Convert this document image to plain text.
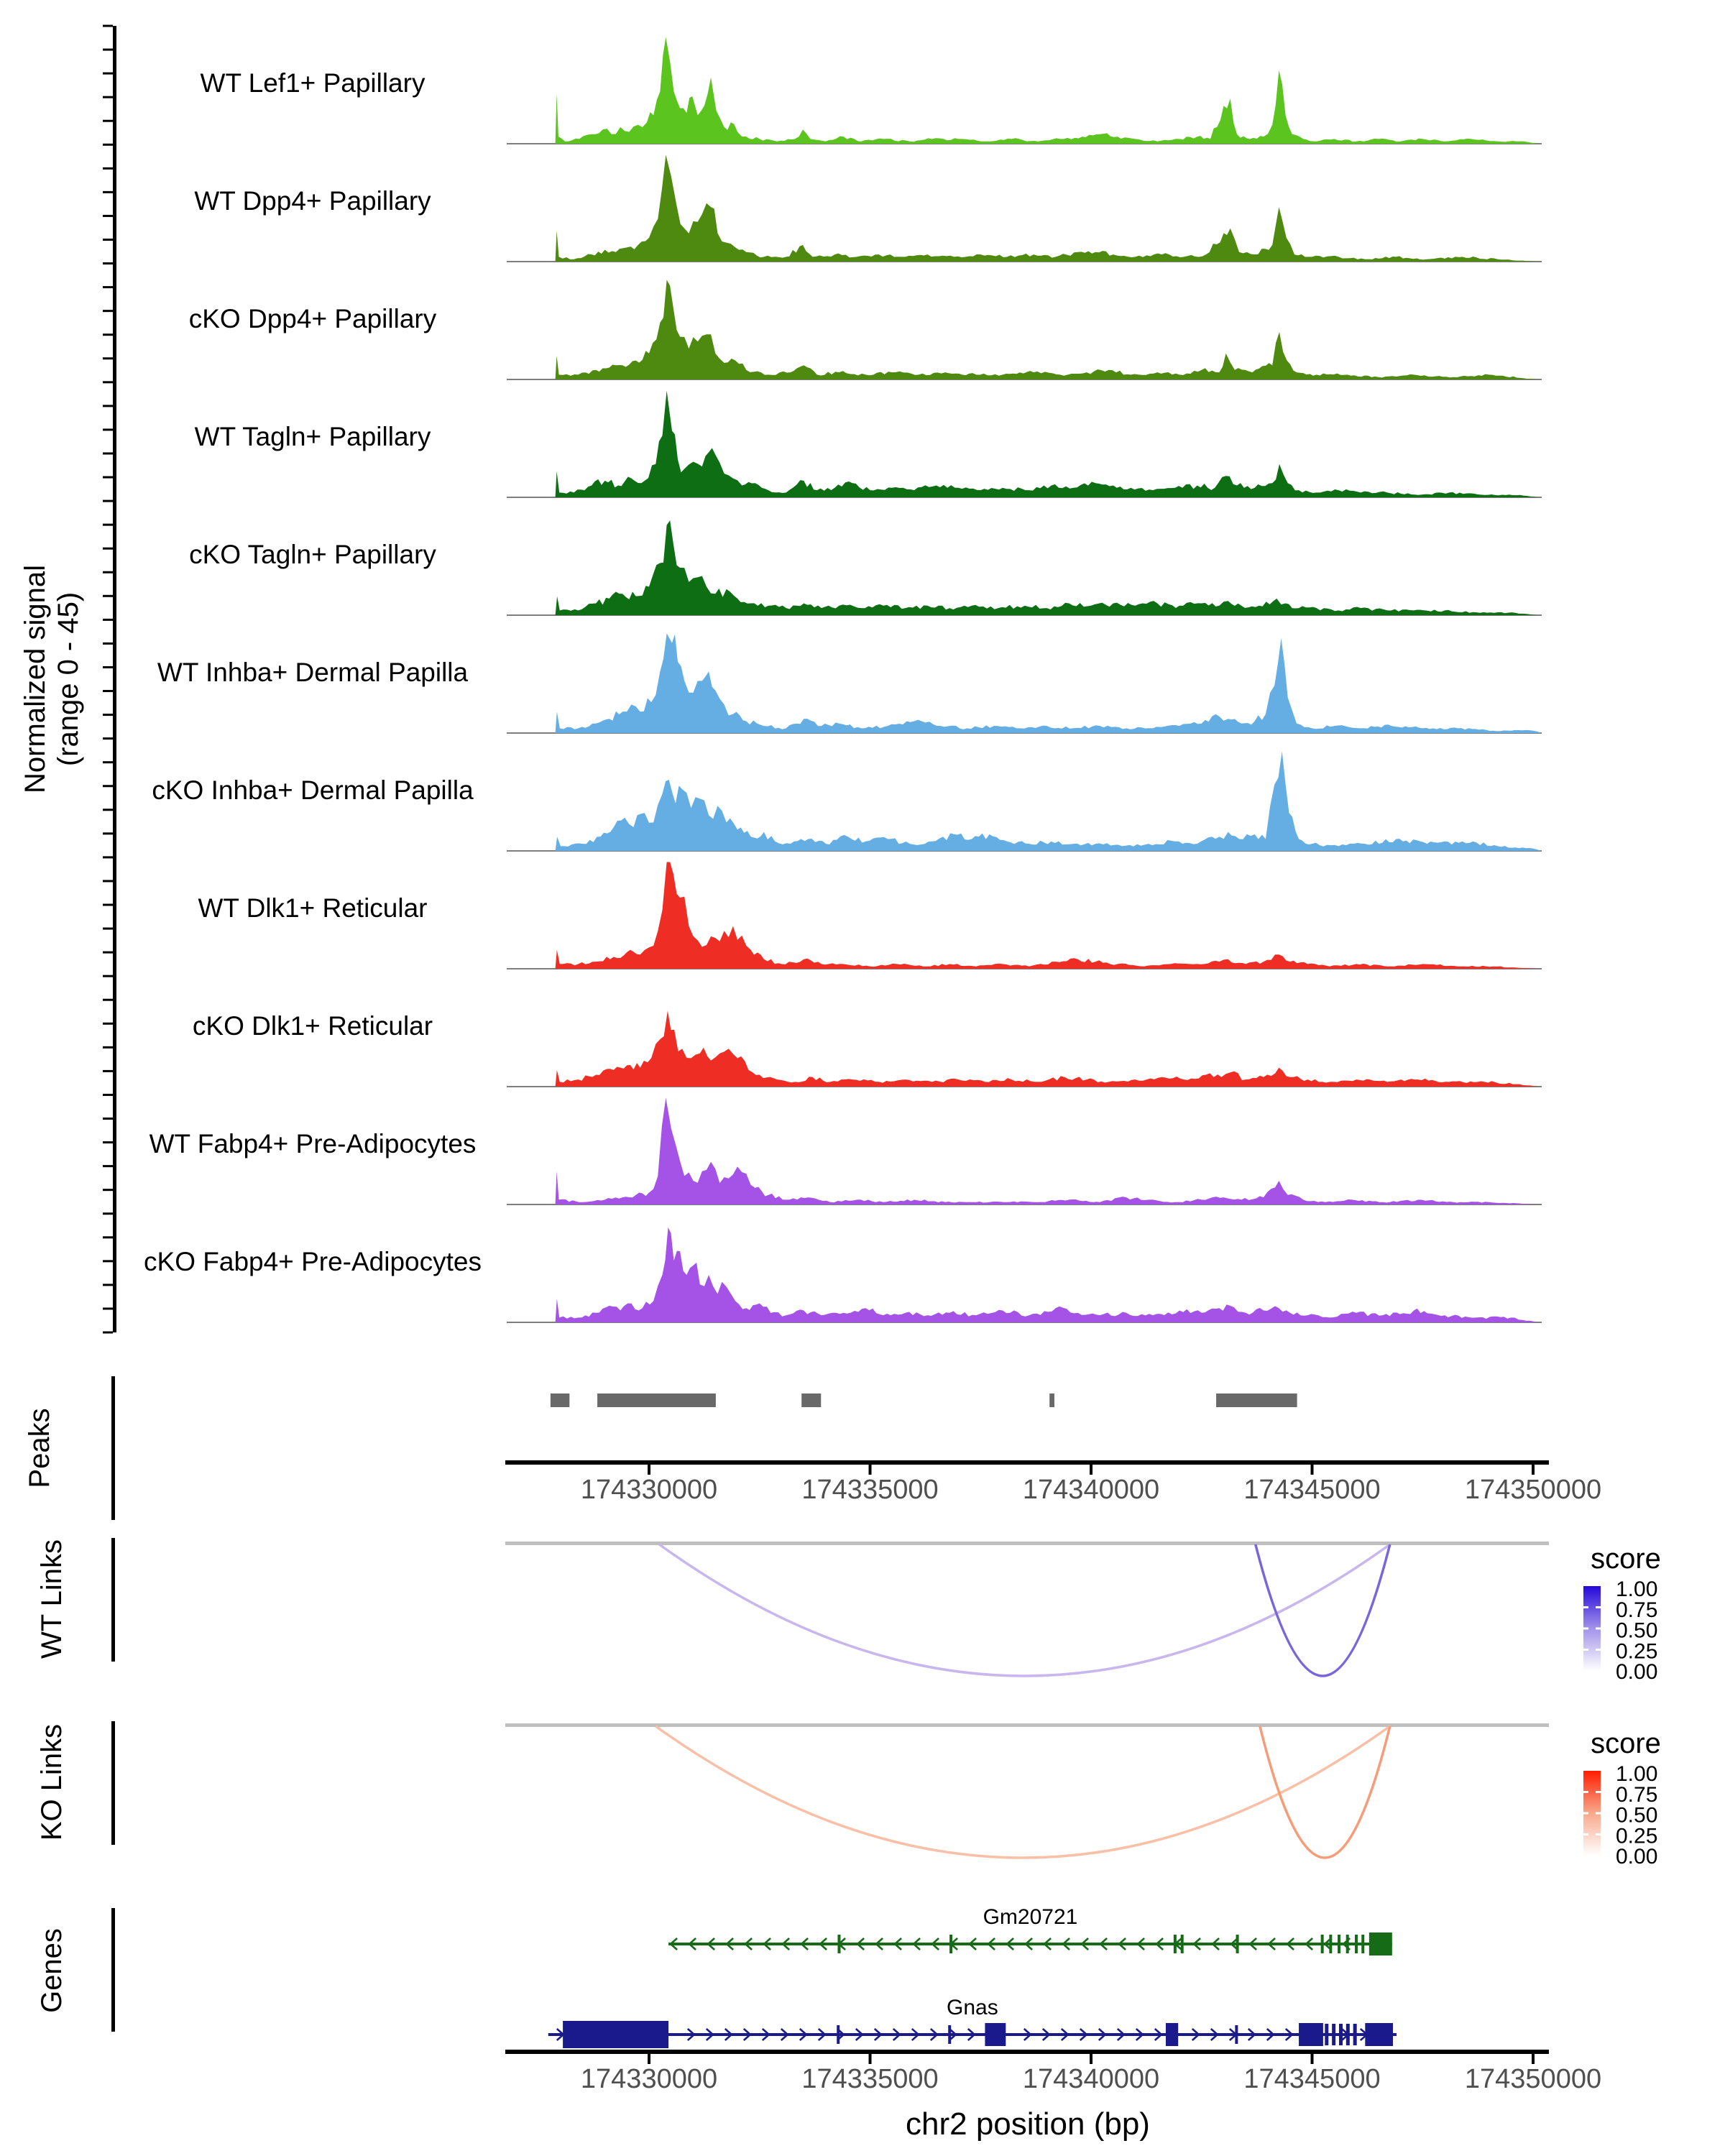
Normalized signal (range 0 - 45)
Peaks
WT Links
KO Links
Genes
WT Lef1+ Papillary
WT Dpp4+ Papillary
cKO Dpp4+ Papillary
WT Tagln+ Papillary
cKO Tagln+ Papillary
WT Inhba+ Dermal Papilla
cKO Inhba+ Dermal Papilla
WT Dlk1+ Reticular
cKO Dlk1+ Reticular
WT Fabp4+ Pre-Adipocytes
cKO Fabp4+ Pre-Adipocytes
174330000	174335000	174340000	174345000	174350000
1.00
0.75
0.50
0.25
0.00
1.00
0.75
0.50
0.25
0.00
Gm20721
Gnas
174330000	174335000	174340000	174345000	174350000
score
score
chr2 position (bp)
